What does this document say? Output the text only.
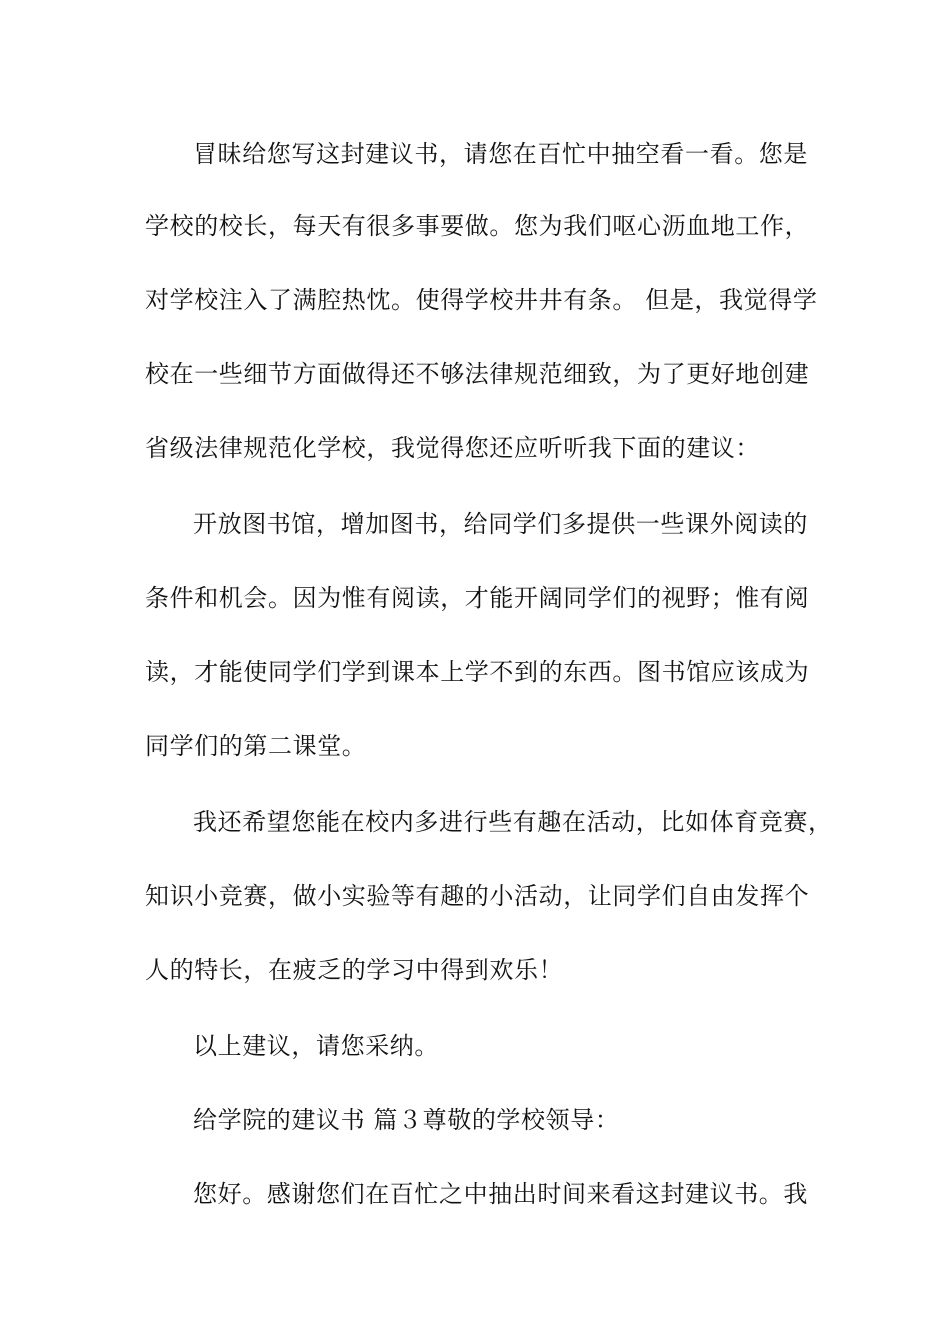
冒昧给您写这封建议书，请您在百忙中抽空看一看。您是
学校的校长，每天有很多事要做。您为我们呕心沥血地工作，
对学校注入了满腔热忱。使得学校井井有条。 但是，我觉得学
校在一些细节方面做得还不够法律规范细致，为了更好地创建
省级法律规范化学校，我觉得您还应听听我下面的建议：
开放图书馆，增加图书，给同学们多提供一些课外阅读的
条件和机会。因为惟有阅读，才能开阔同学们的视野；惟有阅
读，才能使同学们学到课本上学不到的东西。图书馆应该成为
同学们的第二课堂。
我还希望您能在校内多进行些有趣在活动，比如体育竞赛，
知识小竞赛，做小实验等有趣的小活动，让同学们自由发挥个
人的特长，在疲乏的学习中得到欢乐！
以上建议，请您采纳。
给学院的建议书 篇３尊敬的学校领导：
您好。感谢您们在百忙之中抽出时间来看这封建议书。我
